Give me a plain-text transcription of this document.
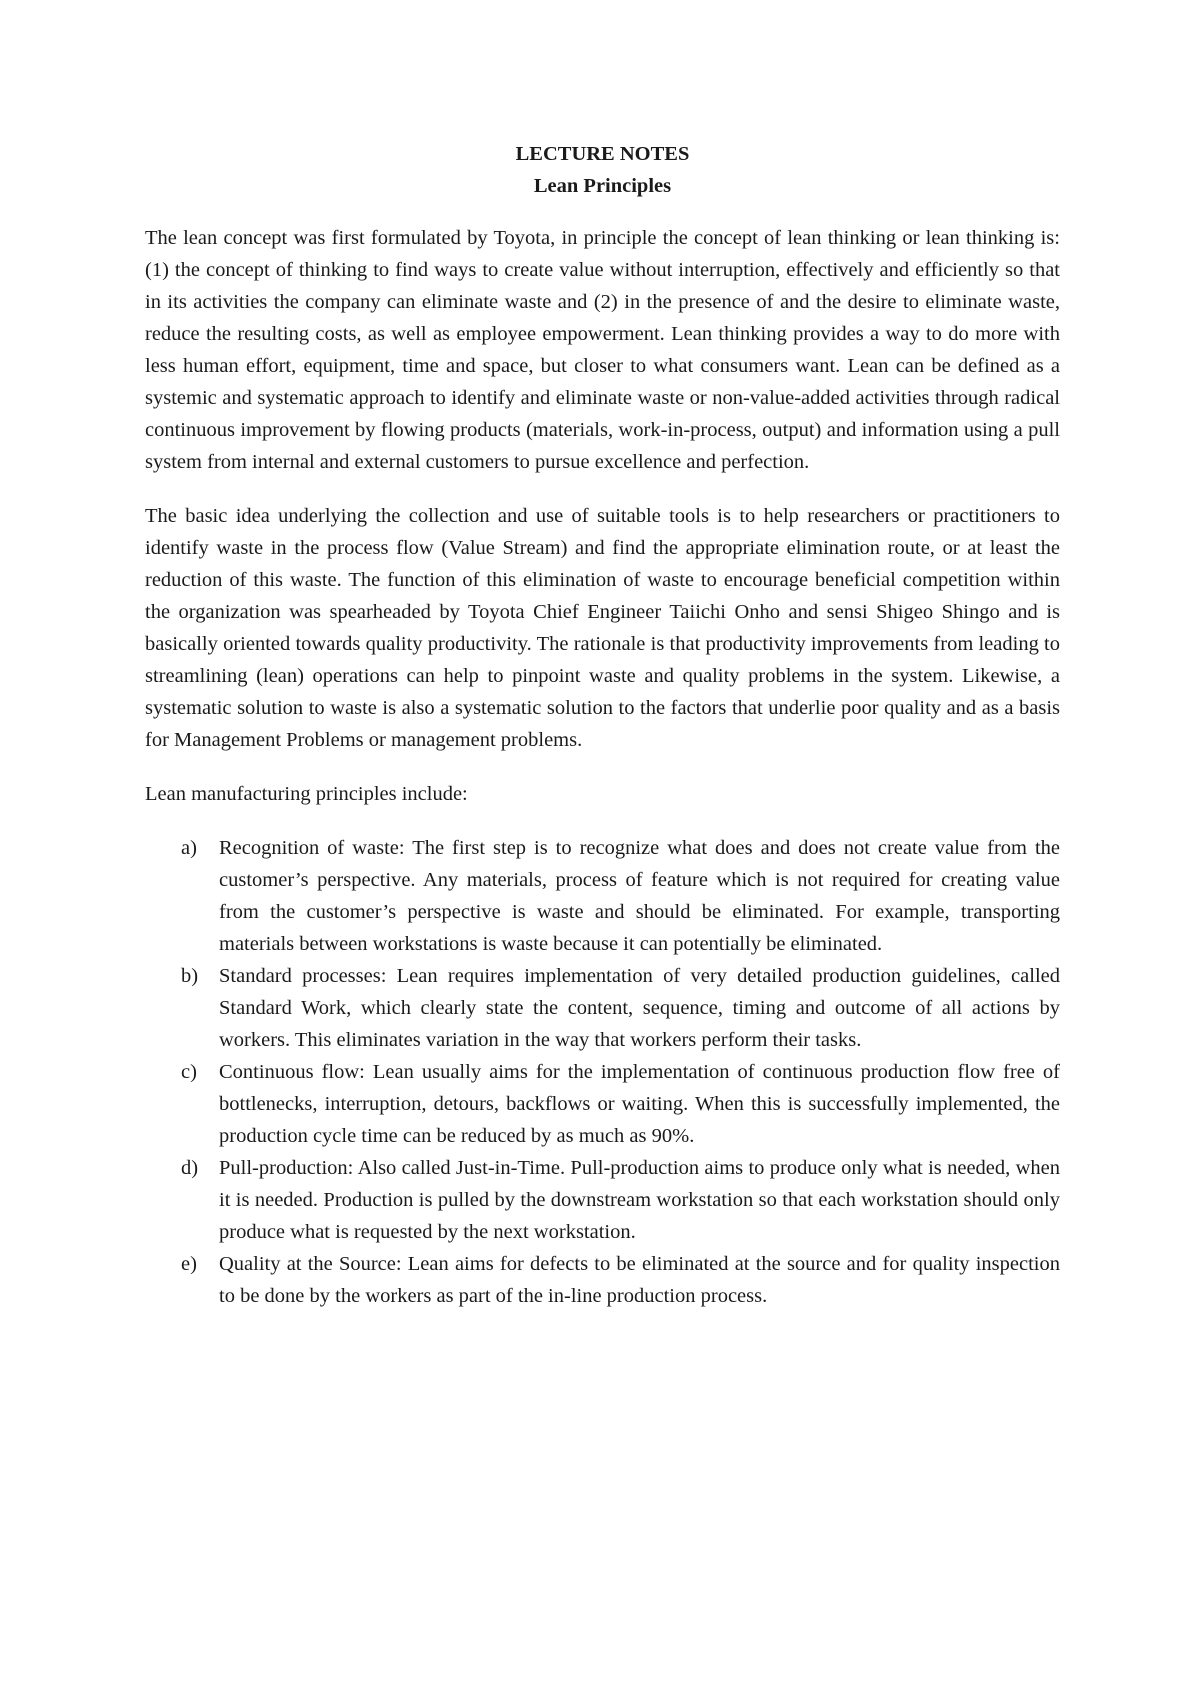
LECTURE NOTES

Lean Principles

The lean concept was first formulated by Toyota, in principle the concept of lean thinking or lean thinking is: (1) the concept of thinking to find ways to create value without interruption, effectively and efficiently so that in its activities the company can eliminate waste and (2) in the presence of and the desire to eliminate waste, reduce the resulting costs, as well as employee empowerment. Lean thinking provides a way to do more with less human effort, equipment, time and space, but closer to what consumers want. Lean can be defined as a systemic and systematic approach to identify and eliminate waste or non-value-added activities through radical continuous improvement by flowing products (materials, work-in-process, output) and information using a pull system from internal and external customers to pursue excellence and perfection.

The basic idea underlying the collection and use of suitable tools is to help researchers or practitioners to identify waste in the process flow (Value Stream) and find the appropriate elimination route, or at least the reduction of this waste. The function of this elimination of waste to encourage beneficial competition within the organization was spearheaded by Toyota Chief Engineer Taiichi Onho and sensi Shigeo Shingo and is basically oriented towards quality productivity. The rationale is that productivity improvements from leading to streamlining (lean) operations can help to pinpoint waste and quality problems in the system. Likewise, a systematic solution to waste is also a systematic solution to the factors that underlie poor quality and as a basis for Management Problems or management problems.

Lean manufacturing principles include:

a) Recognition of waste: The first step is to recognize what does and does not create value from the customer’s perspective. Any materials, process of feature which is not required for creating value from the customer’s perspective is waste and should be eliminated. For example, transporting materials between workstations is waste because it can potentially be eliminated.
b) Standard processes: Lean requires implementation of very detailed production guidelines, called Standard Work, which clearly state the content, sequence, timing and outcome of all actions by workers. This eliminates variation in the way that workers perform their tasks.
c) Continuous flow: Lean usually aims for the implementation of continuous production flow free of bottlenecks, interruption, detours, backflows or waiting. When this is successfully implemented, the production cycle time can be reduced by as much as 90%.
d) Pull-production: Also called Just-in-Time. Pull-production aims to produce only what is needed, when it is needed. Production is pulled by the downstream workstation so that each workstation should only produce what is requested by the next workstation.
e) Quality at the Source: Lean aims for defects to be eliminated at the source and for quality inspection to be done by the workers as part of the in-line production process.
